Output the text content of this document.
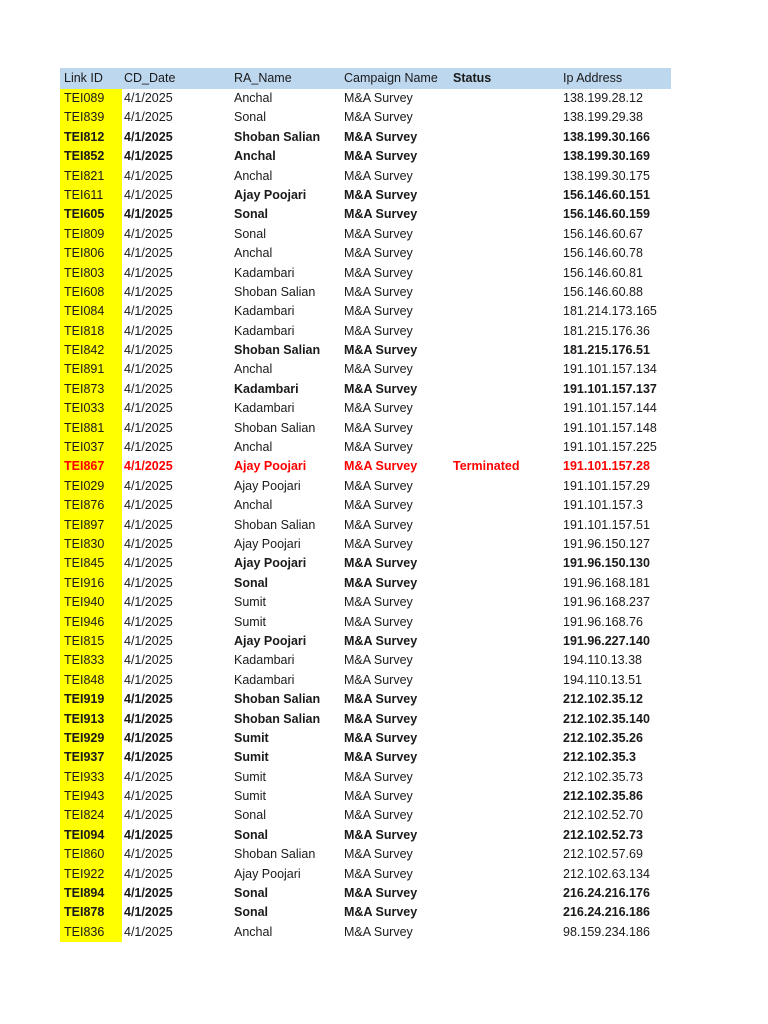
Link ID	CD_Date	RA_Name	Campaign Name Status	Ip Address
TEI089	4/1/2025	Anchal	M&A Survey	138.199.28.12
TEI839	4/1/2025	Sonal	M&A Survey	138.199.29.38
TEI812	4/1/2025	Shoban Salian M&A Survey	138.199.30.166
TEI852	4/1/2025	Anchal	M&A Survey	138.199.30.169
TEI821	4/1/2025	Anchal	M&A Survey	138.199.30.175
TEI611	4/1/2025	Ajay Poojari	M&A Survey	156.146.60.151
TEI605	4/1/2025	Sonal	M&A Survey	156.146.60.159
TEI809	4/1/2025	Sonal	M&A Survey	156.146.60.67
TEI806	4/1/2025	Anchal	M&A Survey	156.146.60.78
TEI803	4/1/2025	Kadambari	M&A Survey	156.146.60.81
TEI608	4/1/2025	Shoban Salian M&A Survey	156.146.60.88
TEI084	4/1/2025	Kadambari	M&A Survey	181.214.173.165
TEI818	4/1/2025	Kadambari	M&A Survey	181.215.176.36
TEI842	4/1/2025	Shoban Salian M&A Survey	181.215.176.51
TEI891	4/1/2025	Anchal	M&A Survey	191.101.157.134
TEI873	4/1/2025	Kadambari	M&A Survey	191.101.157.137
TEI033	4/1/2025	Kadambari	M&A Survey	191.101.157.144
TEI881	4/1/2025	Shoban Salian M&A Survey	191.101.157.148
TEI037	4/1/2025	Anchal	M&A Survey	191.101.157.225
TEI867	4/1/2025	Ajay Poojari	M&A Survey	Terminated	191.101.157.28
TEI029	4/1/2025	Ajay Poojari	M&A Survey	191.101.157.29
TEI876	4/1/2025	Anchal	M&A Survey	191.101.157.3
TEI897	4/1/2025	Shoban Salian M&A Survey	191.101.157.51
TEI830	4/1/2025	Ajay Poojari	M&A Survey	191.96.150.127
TEI845	4/1/2025	Ajay Poojari	M&A Survey	191.96.150.130
TEI916	4/1/2025	Sonal	M&A Survey	191.96.168.181
TEI940	4/1/2025	Sumit	M&A Survey	191.96.168.237
TEI946	4/1/2025	Sumit	M&A Survey	191.96.168.76
TEI815	4/1/2025	Ajay Poojari	M&A Survey	191.96.227.140
TEI833	4/1/2025	Kadambari	M&A Survey	194.110.13.38
TEI848	4/1/2025	Kadambari	M&A Survey	194.110.13.51
TEI919	4/1/2025	Shoban Salian M&A Survey	212.102.35.12
TEI913	4/1/2025	Shoban Salian M&A Survey	212.102.35.140
TEI929	4/1/2025	Sumit	M&A Survey	212.102.35.26
TEI937	4/1/2025	Sumit	M&A Survey	212.102.35.3
TEI933	4/1/2025	Sumit	M&A Survey	212.102.35.73
TEI943	4/1/2025	Sumit	M&A Survey	212.102.35.86
TEI824	4/1/2025	Sonal	M&A Survey	212.102.52.70
TEI094	4/1/2025	Sonal	M&A Survey	212.102.52.73
TEI860	4/1/2025	Shoban Salian M&A Survey	212.102.57.69
TEI922	4/1/2025	Ajay Poojari	M&A Survey	212.102.63.134
TEI894	4/1/2025	Sonal	M&A Survey	216.24.216.176
TEI878	4/1/2025	Sonal	M&A Survey	216.24.216.186
TEI836	4/1/2025	Anchal	M&A Survey	98.159.234.186
